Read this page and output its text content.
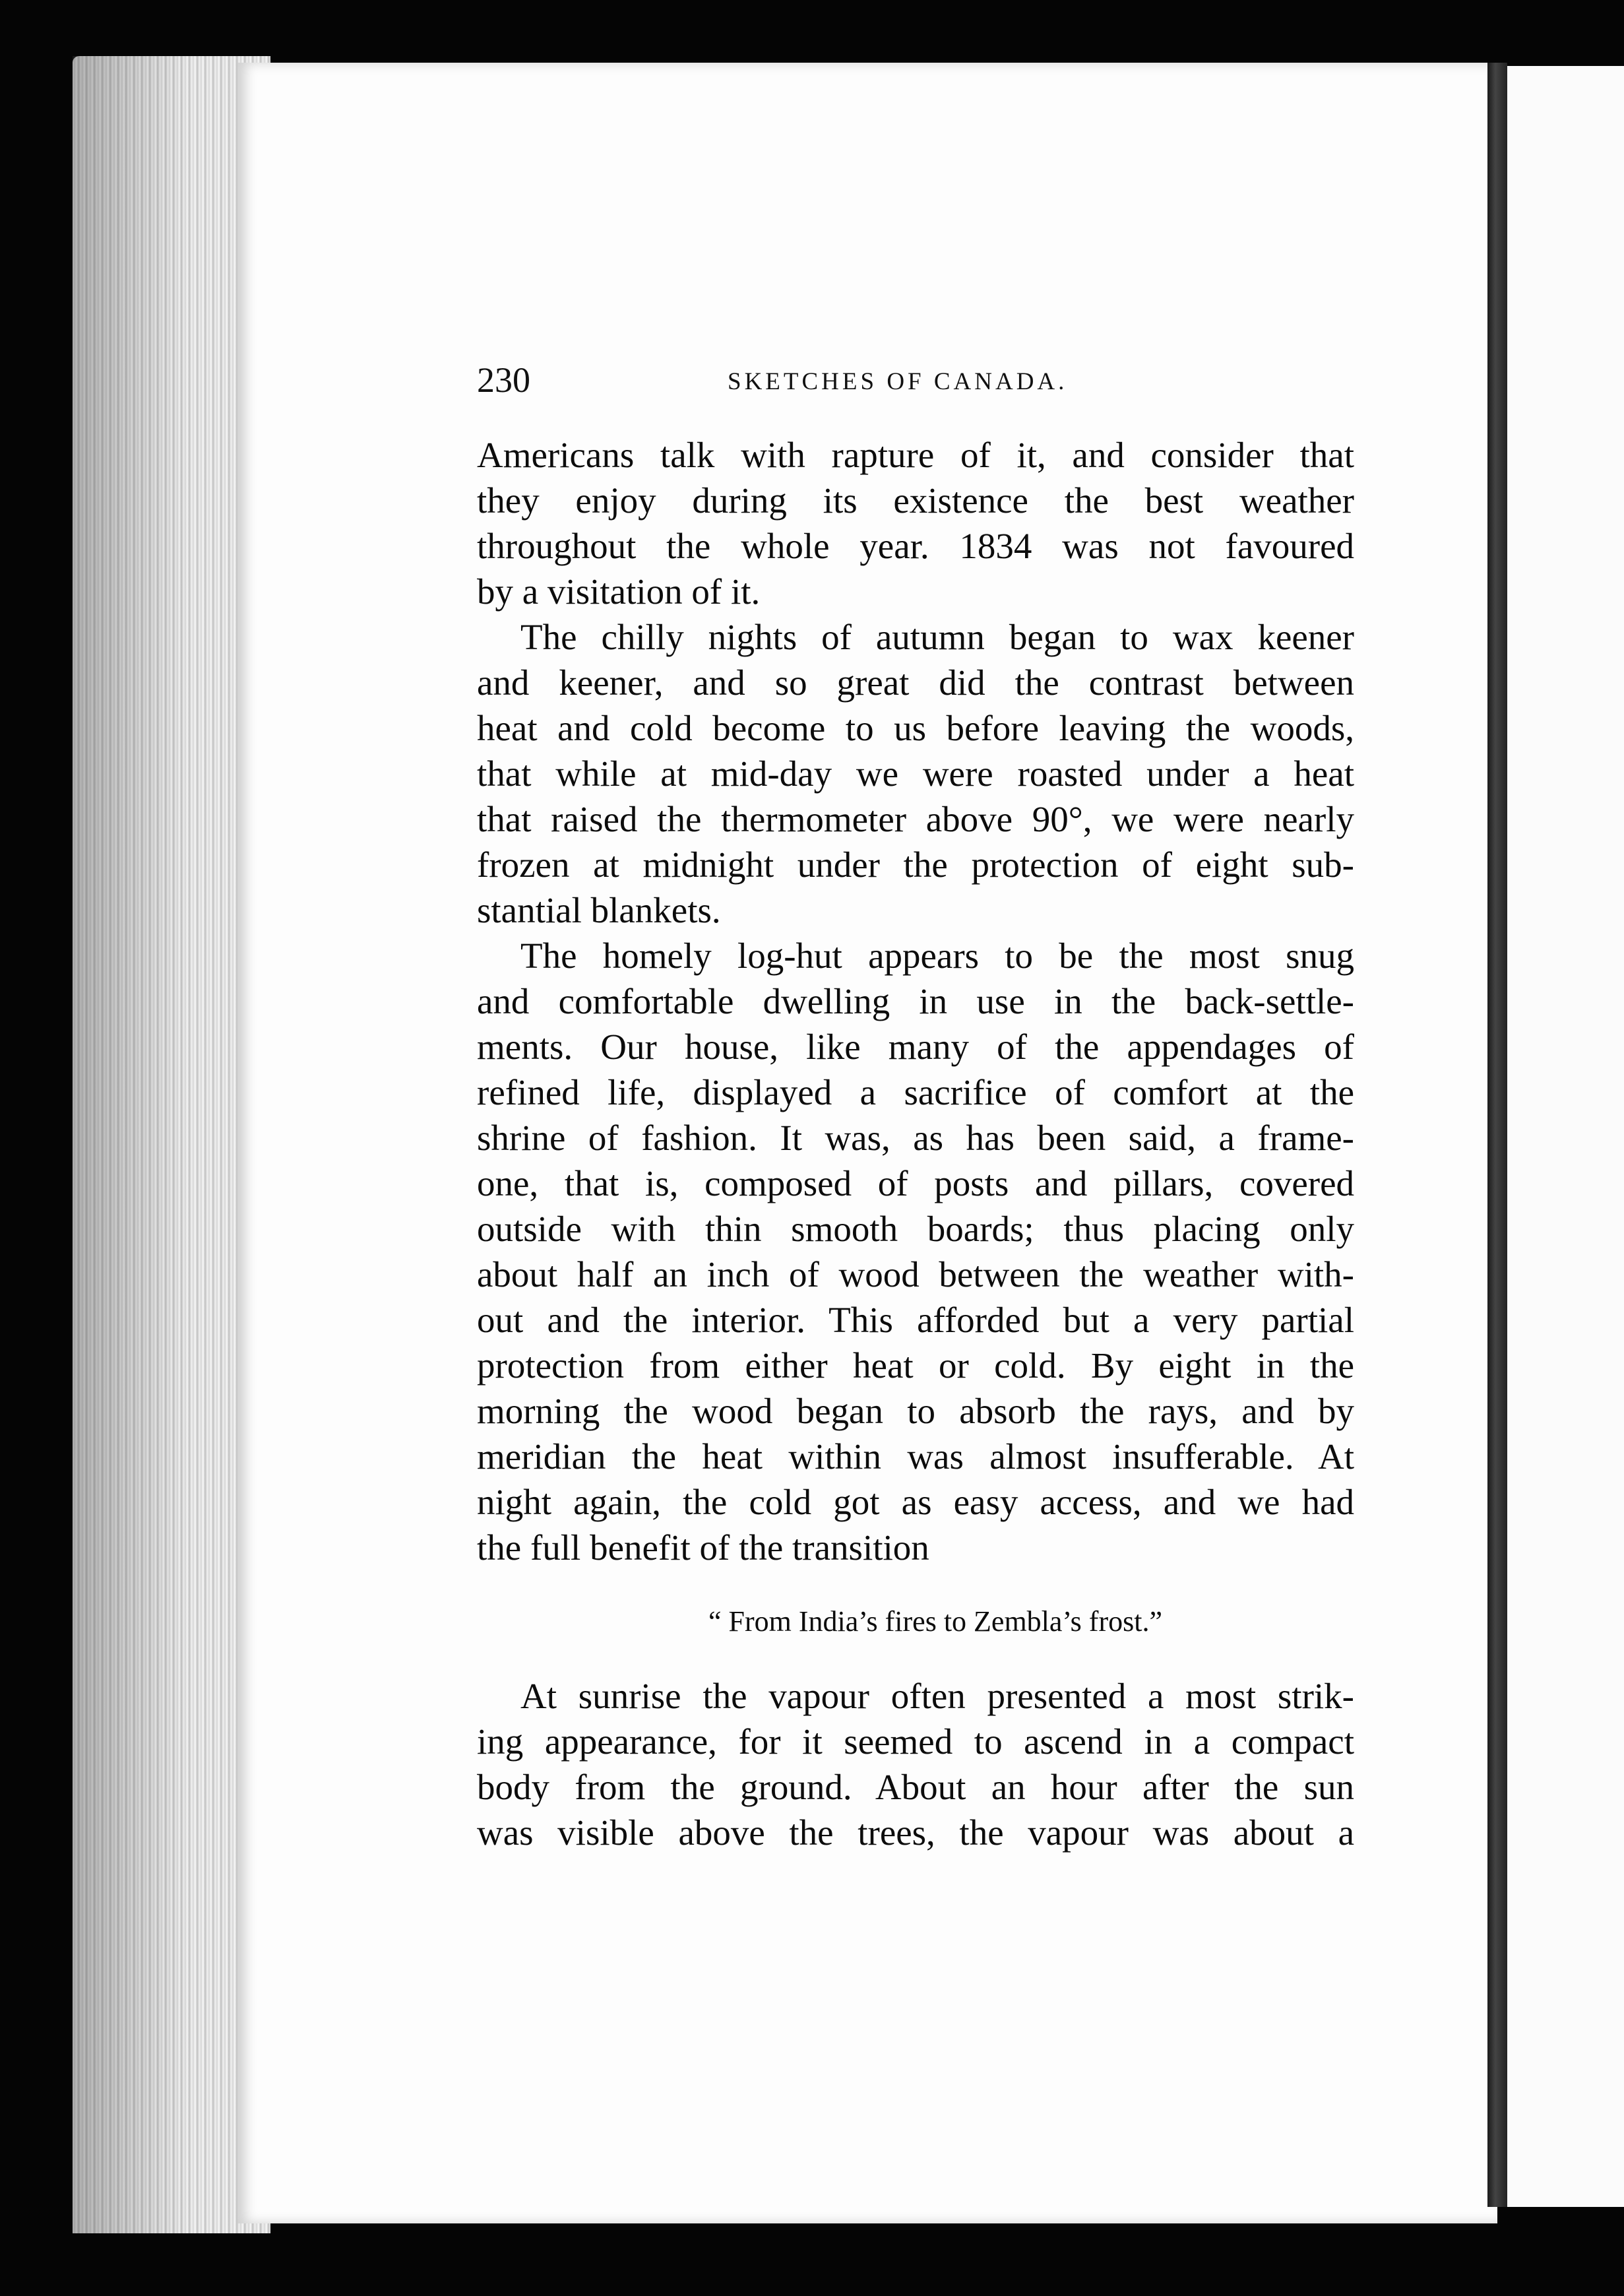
230	SKETCHES OF CANADA.
Americans talk with rapture of it, and consider that
they enjoy during its existence the best weather
throughout the whole year. 1834 was not favoured
by a visitation of it.
The chilly nights of autumn began to wax keener
and keener, and so great did the contrast between
heat and cold become to us before leaving the woods,
that while at mid-day we were roasted under a heat
that raised the thermometer above 90°, we were nearly
frozen at midnight under the protection of eight sub-
stantial blankets.
The homely log-hut appears to be the most snug
and comfortable dwelling in use in the back-settle-
ments. Our house, like many of the appendages of
refined life, displayed a sacrifice of comfort at the
shrine of fashion. It was, as has been said, a frame-
one, that is, composed of posts and pillars, covered
outside with thin smooth boards; thus placing only
about half an inch of wood between the weather with-
out and the interior. This afforded but a very partial
protection from either heat or cold. By eight in the
morning the wood began to absorb the rays, and by
meridian the heat within was almost insufferable. At
night again, the cold got as easy access, and we had
the full benefit of the transition
“ From India’s fires to Zembla’s frost.”
At sunrise the vapour often presented a most strik-
ing appearance, for it seemed to ascend in a compact
body from the ground. About an hour after the sun
was visible above the trees, the vapour was about a
